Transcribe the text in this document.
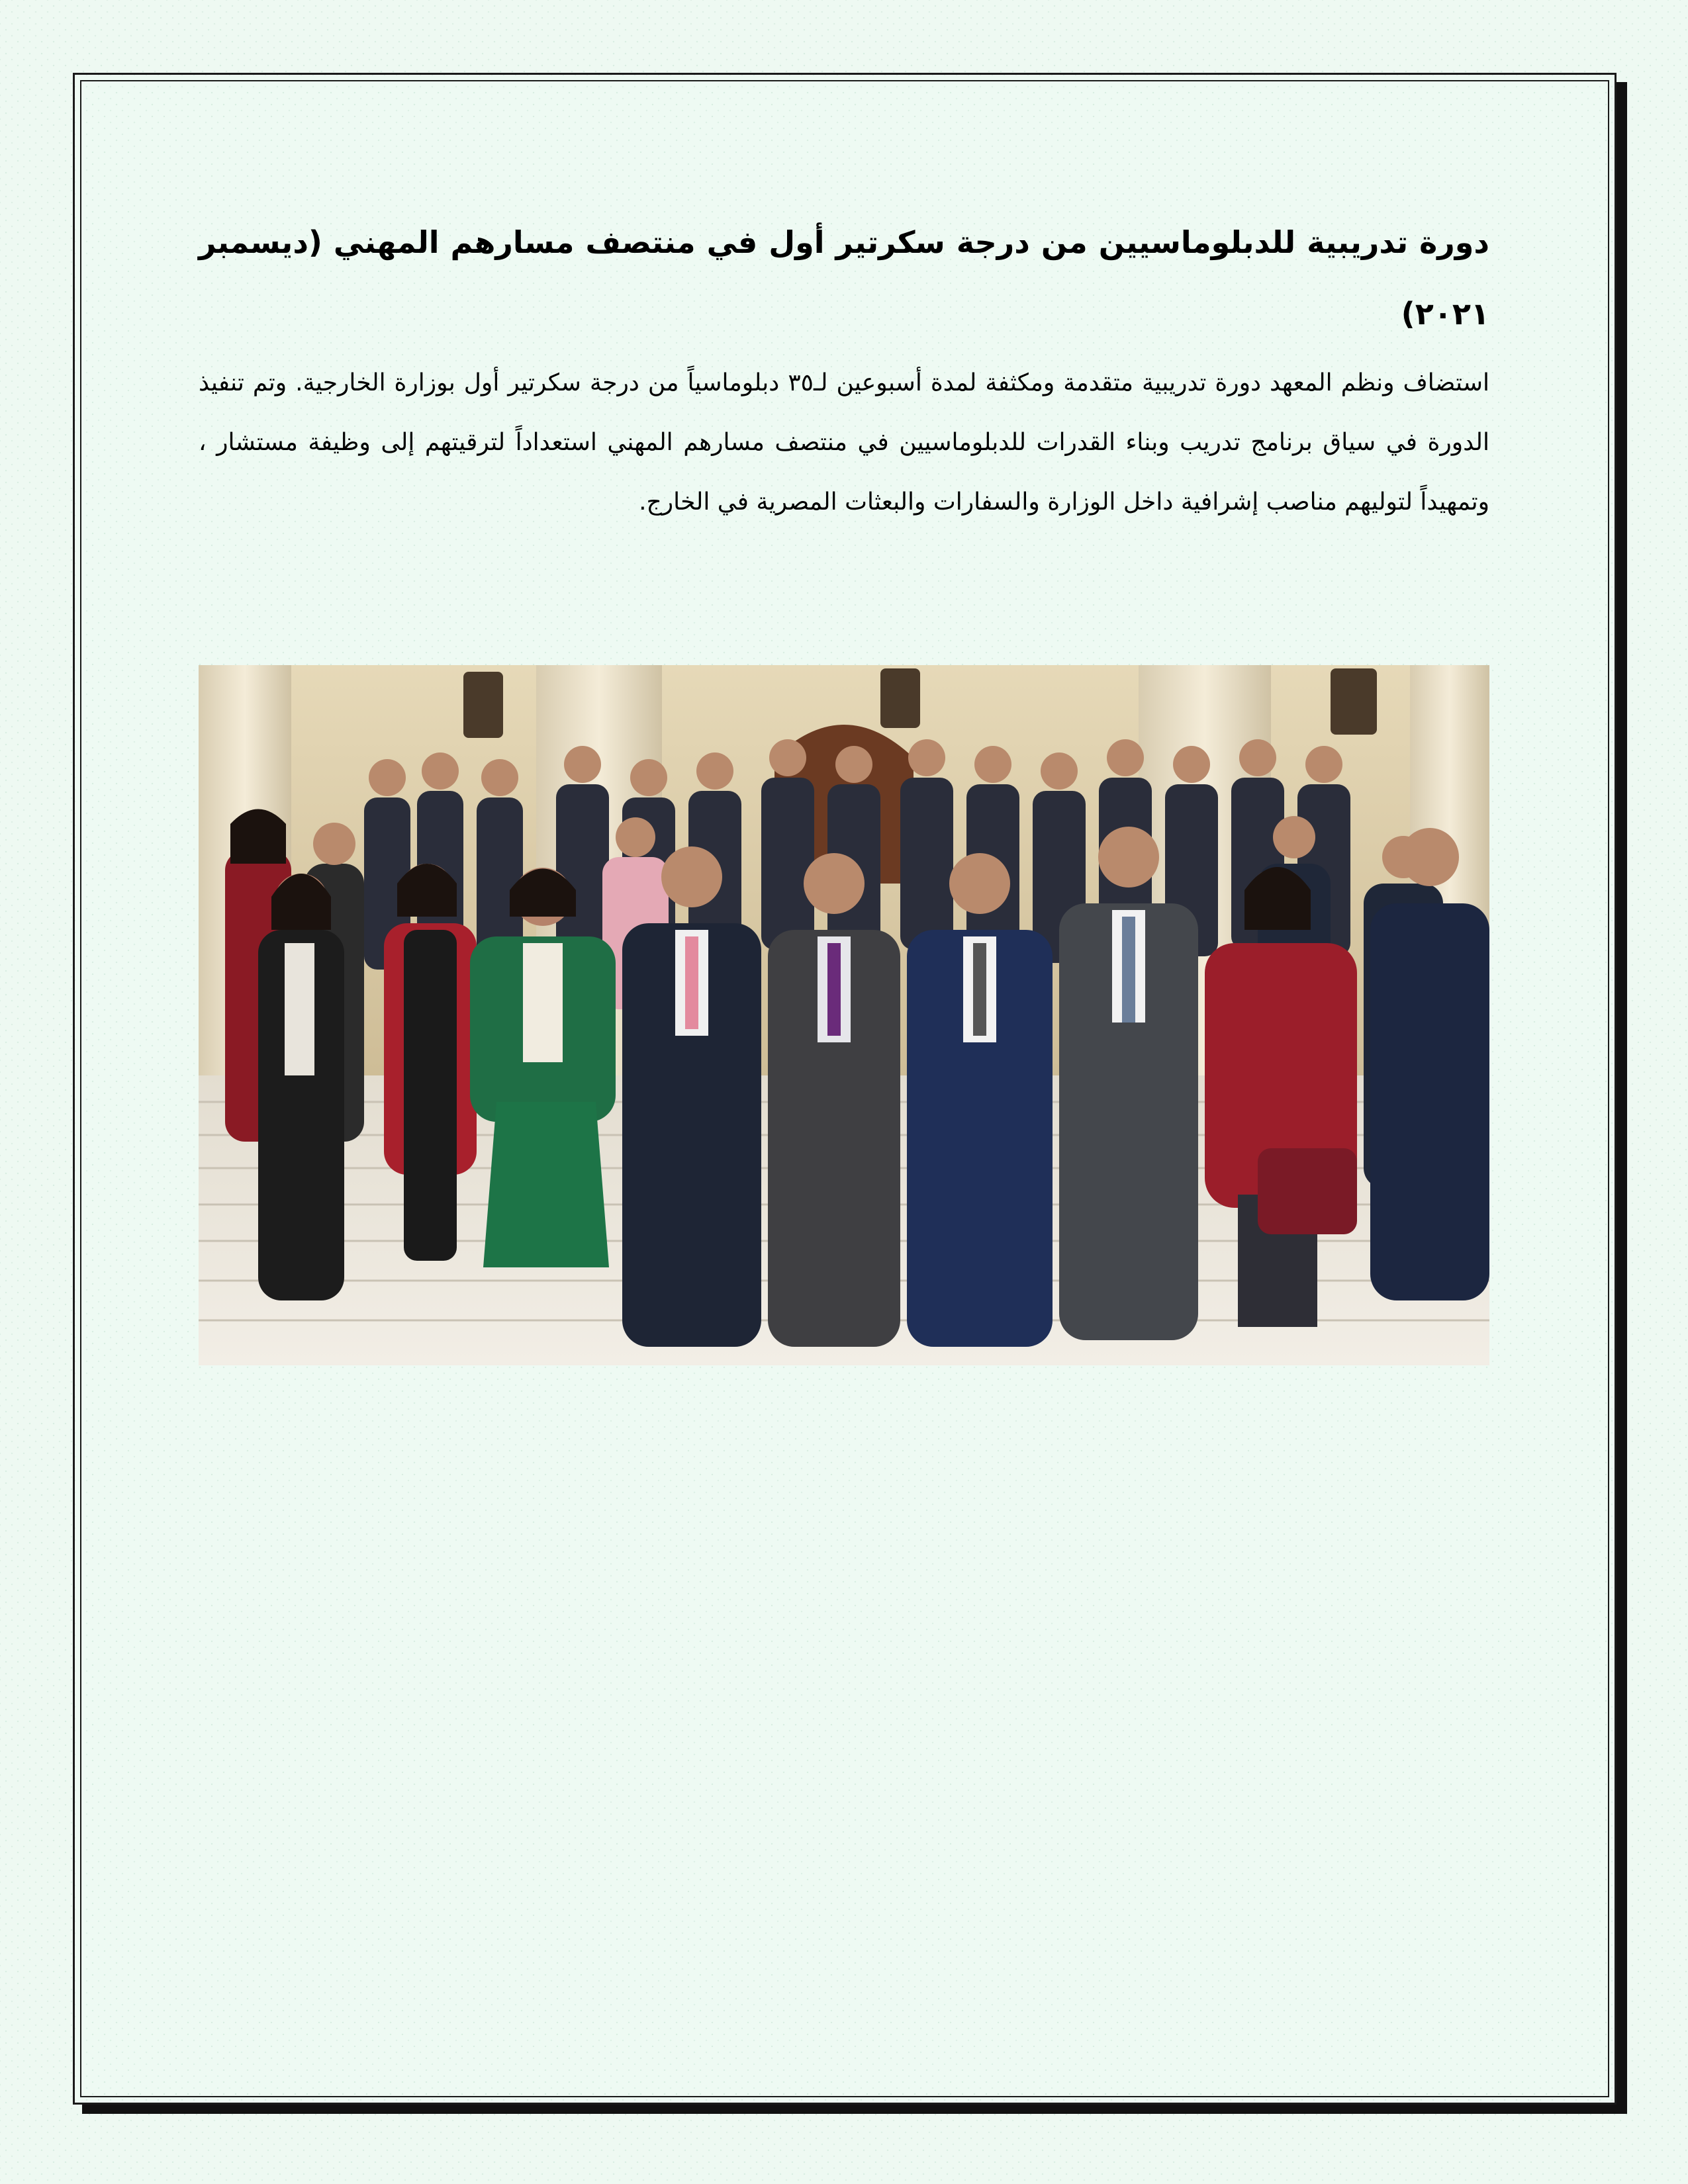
دورة تدريبية للدبلوماسيين من درجة سكرتير أول في منتصف مسارهم المهني (ديسمبر ٢٠٢١)

استضاف ونظم المعهد دورة تدريبية متقدمة ومكثفة لمدة أسبوعين لـ٣٥ دبلوماسياً من درجة سكرتير أول بوزارة الخارجية. وتم تنفيذ الدورة في سياق برنامج تدريب وبناء القدرات للدبلوماسيين في منتصف مسارهم المهني استعداداً لترقيتهم إلى وظيفة مستشار ، وتمهيداً لتوليهم مناصب إشرافية داخل الوزارة والسفارات والبعثات المصرية في الخارج.
